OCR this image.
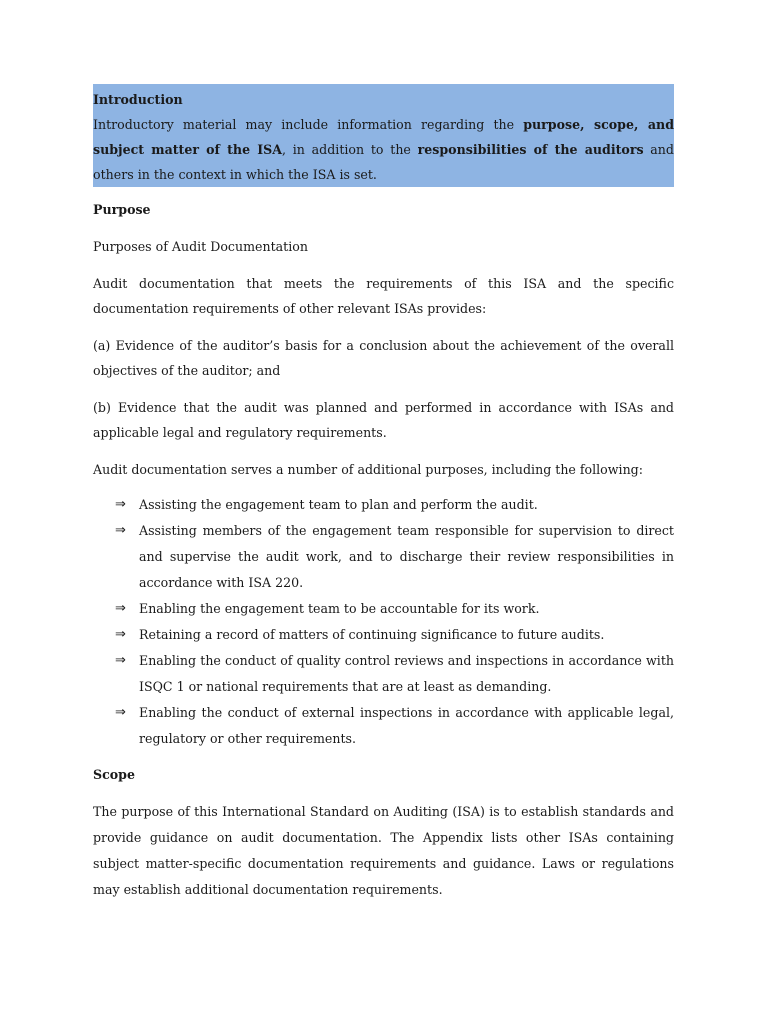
Introduction
Introductory material may include information regarding the purpose, scope, and subject matter of the ISA, in addition to the responsibilities of the auditors and others in the context in which the ISA is set.
Purpose
Purposes of Audit Documentation

Audit documentation that meets the requirements of this ISA and the specific documentation requirements of other relevant ISAs provides:

(a) Evidence of the auditor’s basis for a conclusion about the achievement of the overall objectives of the auditor; and

(b) Evidence that the audit was planned and performed in accordance with ISAs and applicable legal and regulatory requirements.

Audit documentation serves a number of additional purposes, including the following:

⇒ Assisting the engagement team to plan and perform the audit.
⇒ Assisting members of the engagement team responsible for supervision to direct and supervise the audit work, and to discharge their review responsibilities in accordance with ISA 220.
⇒ Enabling the engagement team to be accountable for its work.
⇒ Retaining a record of matters of continuing significance to future audits.
⇒ Enabling the conduct of quality control reviews and inspections in accordance with ISQC 1 or national requirements that are at least as demanding.
⇒ Enabling the conduct of external inspections in accordance with applicable legal, regulatory or other requirements.
Scope

The purpose of this International Standard on Auditing (ISA) is to establish standards and provide guidance on audit documentation. The Appendix lists other ISAs containing subject matter-specific documentation requirements and guidance. Laws or regulations may establish additional documentation requirements.
